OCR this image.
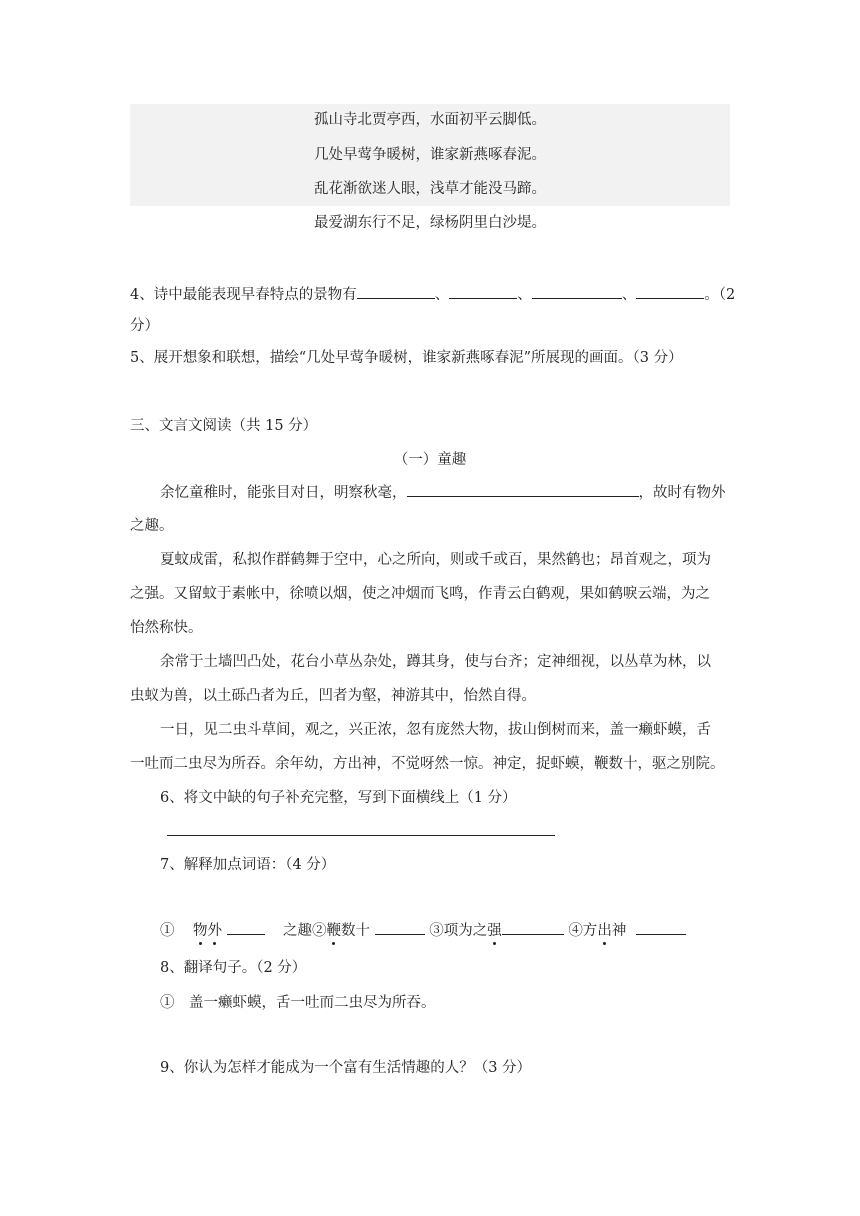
孤山寺北贾亭西，水面初平云脚低。
几处早莺争暖树，谁家新燕啄春泥。
乱花渐欲迷人眼，浅草才能没马蹄。
最爱湖东行不足，绿杨阴里白沙堤。
4、诗中最能表现早春特点的景物有	、	、	、	。（2
分）
5、展开想象和联想，描绘“几处早莺争暖树，谁家新燕啄春泥”所展现的画面。（3 分）
三、文言文阅读（共 15 分）
（一）童趣
余忆童稚时，能张目对日，明察秋毫，	，故时有物外
之趣。
夏蚊成雷，私拟作群鹤舞于空中，心之所向，则或千或百，果然鹤也；昂首观之，项为
之强。又留蚊于素帐中，徐喷以烟，使之冲烟而飞鸣，作青云白鹤观，果如鹤唳云端，为之
怡然称快。
余常于土墙凹凸处，花台小草丛杂处，蹲其身，使与台齐；定神细视，以丛草为林，以
虫蚁为兽，以土砾凸者为丘，凹者为壑，神游其中，怡然自得。
一日，见二虫斗草间，观之，兴正浓，忽有庞然大物，拔山倒树而来，盖一癞虾蟆，舌
一吐而二虫尽为所吞。余年幼，方出神，不觉呀然一惊。神定，捉虾蟆，鞭数十，驱之别院。
6、将文中缺的句子补充完整，写到下面横线上（1 分）
7、解释加点词语：（4 分）
① 物外	之趣②鞭数十	③项为之强	④方出神
8、翻译句子。（2 分）
①　盖一癞虾蟆，舌一吐而二虫尽为所吞。
9、你认为怎样才能成为一个富有生活情趣的人？（3 分）
